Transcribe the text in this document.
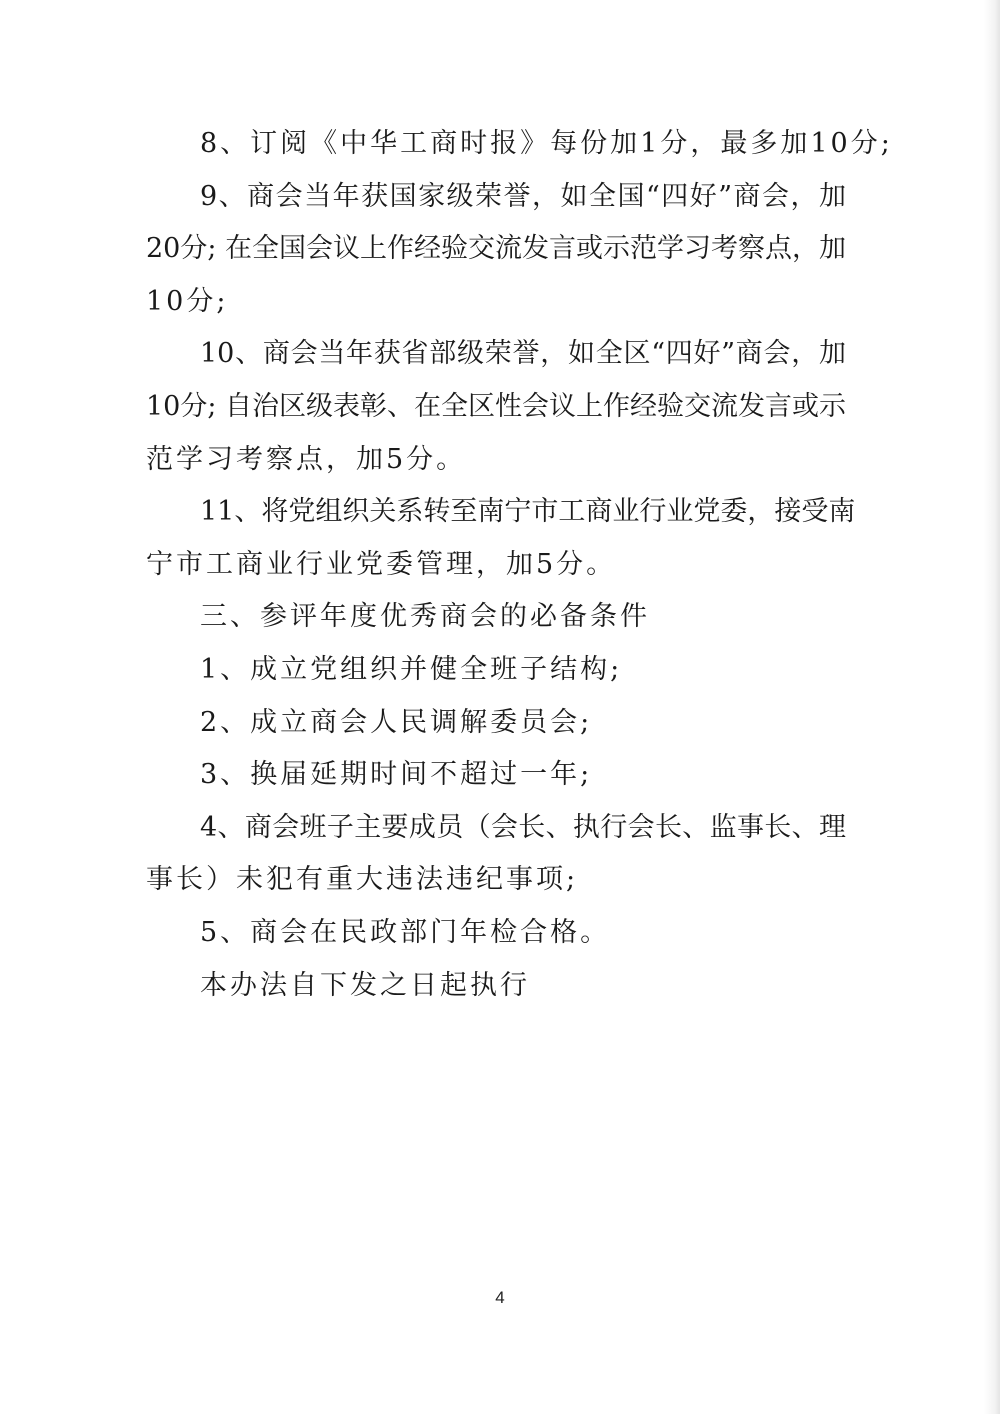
8、订阅《中华工商时报》每份加1分，最多加10分;
9、商会当年获国家级荣誉，如全国“四好”商会，加
20分; 在全国会议上作经验交流发言或示范学习考察点，加
10分;
10、商会当年获省部级荣誉，如全区“四好”商会，加
10分; 自治区级表彰、在全区性会议上作经验交流发言或示
范学习考察点，加5分。
11、将党组织关系转至南宁市工商业行业党委，接受南
宁市工商业行业党委管理，加5分。
三、参评年度优秀商会的必备条件
1、成立党组织并健全班子结构;
2、成立商会人民调解委员会;
3、换届延期时间不超过一年;
4、商会班子主要成员（会长、执行会长、监事长、理
事长）未犯有重大违法违纪事项;
5、商会在民政部门年检合格。
本办法自下发之日起执行
4
